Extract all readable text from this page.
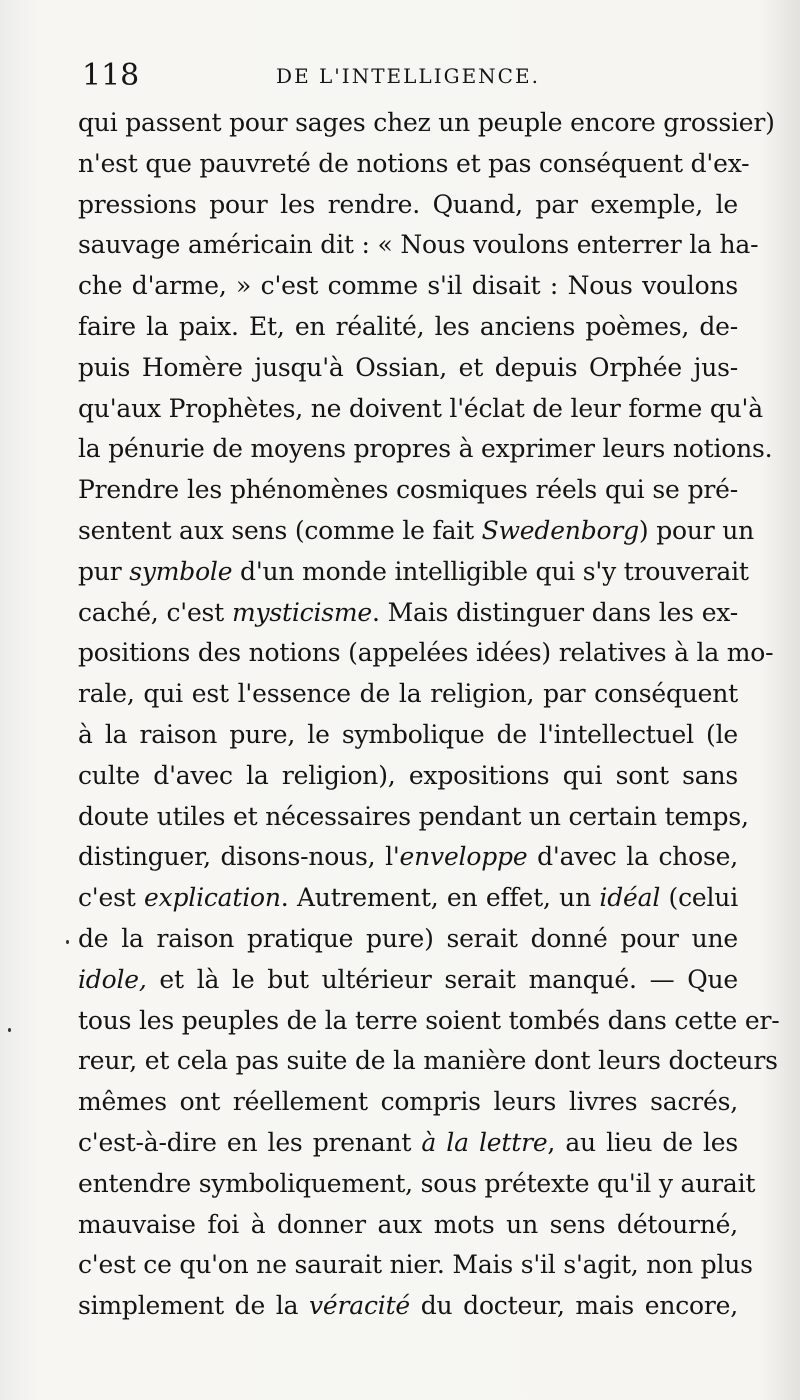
118	DE L'INTELLIGENCE.
qui passent pour sages chez un peuple encore grossier)
n'est que pauvreté de notions et pas conséquent d'ex-
pressions pour les rendre. Quand, par exemple, le
sauvage américain dit : « Nous voulons enterrer la ha-
che d'arme, » c'est comme s'il disait : Nous voulons
faire la paix. Et, en réalité, les anciens poèmes, de-
puis Homère jusqu'à Ossian, et depuis Orphée jus-
qu'aux Prophètes, ne doivent l'éclat de leur forme qu'à
la pénurie de moyens propres à exprimer leurs notions.
Prendre les phénomènes cosmiques réels qui se pré-
sentent aux sens (comme le fait Swedenborg) pour un
pur symbole d'un monde intelligible qui s'y trouverait
caché, c'est mysticisme. Mais distinguer dans les ex-
positions des notions (appelées idées) relatives à la mo-
rale, qui est l'essence de la religion, par conséquent
à la raison pure, le symbolique de l'intellectuel (le
culte d'avec la religion), expositions qui sont sans
doute utiles et nécessaires pendant un certain temps,
distinguer, disons-nous, l'enveloppe d'avec la chose,
c'est explication. Autrement, en effet, un idéal (celui
de la raison pratique pure) serait donné pour une
idole, et là le but ultérieur serait manqué. — Que
tous les peuples de la terre soient tombés dans cette er-
reur, et cela pas suite de la manière dont leurs docteurs
mêmes ont réellement compris leurs livres sacrés,
c'est-à-dire en les prenant à la lettre, au lieu de les
entendre symboliquement, sous prétexte qu'il y aurait
mauvaise foi à donner aux mots un sens détourné,
c'est ce qu'on ne saurait nier. Mais s'il s'agit, non plus
simplement de la véracité du docteur, mais encore,
